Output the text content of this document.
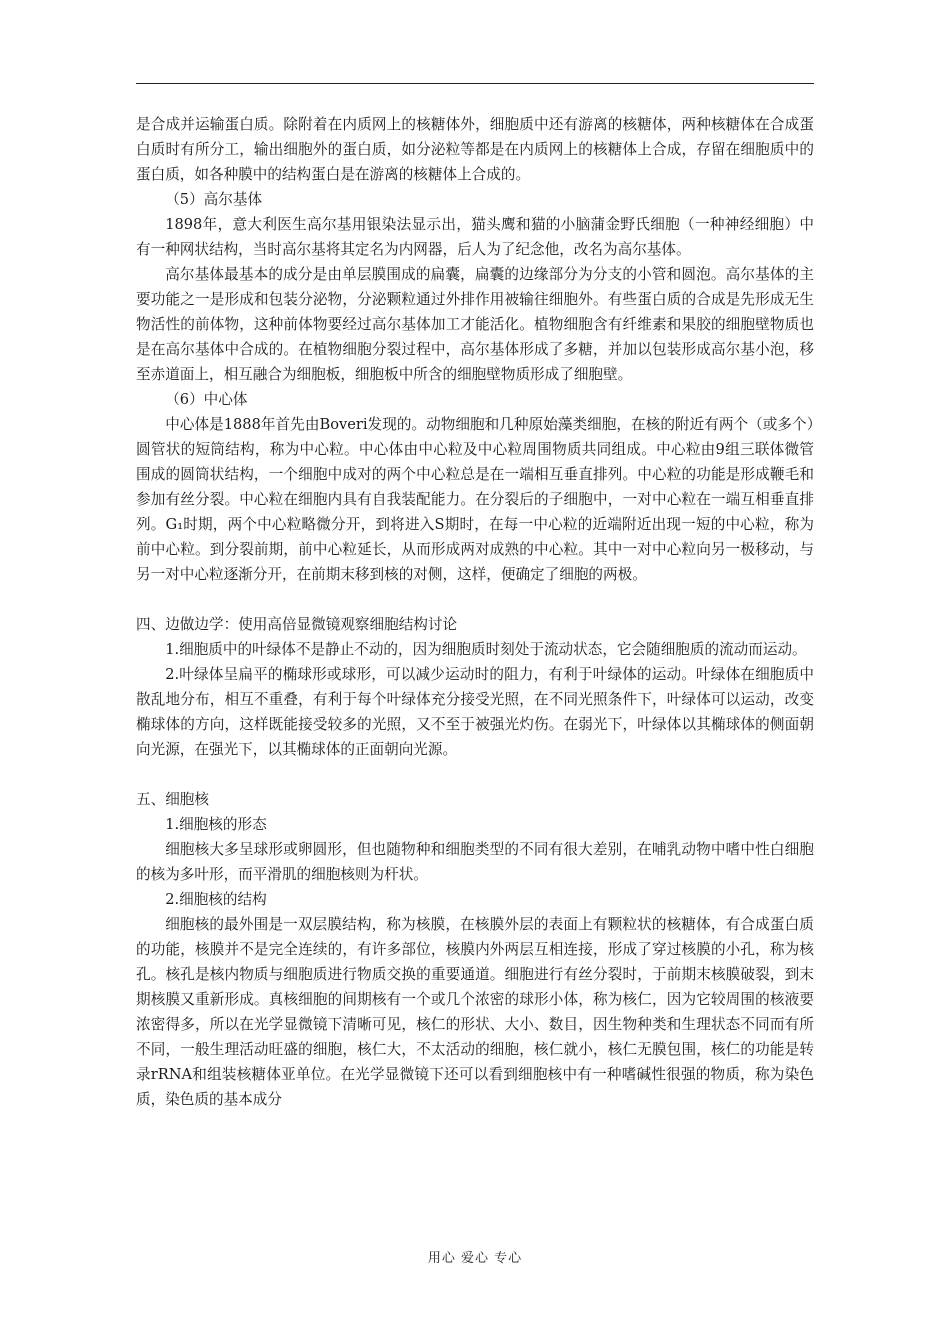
是合成并运输蛋白质。除附着在内质网上的核糖体外，细胞质中还有游离的核糖体，两种核糖体在合成蛋白质时有所分工，输出细胞外的蛋白质，如分泌粒等都是在内质网上的核糖体上合成，存留在细胞质中的蛋白质，如各种膜中的结构蛋白是在游离的核糖体上合成的。

（5）高尔基体

1898年，意大利医生高尔基用银染法显示出，猫头鹰和猫的小脑蒲金野氏细胞（一种神经细胞）中有一种网状结构，当时高尔基将其定名为内网器，后人为了纪念他，改名为高尔基体。

高尔基体最基本的成分是由单层膜围成的扁囊，扁囊的边缘部分为分支的小管和圆泡。高尔基体的主要功能之一是形成和包装分泌物，分泌颗粒通过外排作用被输往细胞外。有些蛋白质的合成是先形成无生物活性的前体物，这种前体物要经过高尔基体加工才能活化。植物细胞含有纤维素和果胶的细胞壁物质也是在高尔基体中合成的。在植物细胞分裂过程中，高尔基体形成了多糖，并加以包装形成高尔基小泡，移至赤道面上，相互融合为细胞板，细胞板中所含的细胞壁物质形成了细胞壁。

（6）中心体

中心体是1888年首先由Boveri发现的。动物细胞和几种原始藻类细胞，在核的附近有两个（或多个）圆管状的短筒结构，称为中心粒。中心体由中心粒及中心粒周围物质共同组成。中心粒由9组三联体微管围成的圆筒状结构，一个细胞中成对的两个中心粒总是在一端相互垂直排列。中心粒的功能是形成鞭毛和参加有丝分裂。中心粒在细胞内具有自我装配能力。在分裂后的子细胞中，一对中心粒在一端互相垂直排列。G₁时期，两个中心粒略微分开，到将进入S期时，在每一中心粒的近端附近出现一短的中心粒，称为前中心粒。到分裂前期，前中心粒延长，从而形成两对成熟的中心粒。其中一对中心粒向另一极移动，与另一对中心粒逐渐分开，在前期末移到核的对侧，这样，便确定了细胞的两极。

四、边做边学：使用高倍显微镜观察细胞结构讨论

1.细胞质中的叶绿体不是静止不动的，因为细胞质时刻处于流动状态，它会随细胞质的流动而运动。

2.叶绿体呈扁平的椭球形或球形，可以减少运动时的阻力，有利于叶绿体的运动。叶绿体在细胞质中散乱地分布，相互不重叠，有利于每个叶绿体充分接受光照，在不同光照条件下，叶绿体可以运动，改变椭球体的方向，这样既能接受较多的光照，又不至于被强光灼伤。在弱光下，叶绿体以其椭球体的侧面朝向光源，在强光下，以其椭球体的正面朝向光源。

五、细胞核

1.细胞核的形态

细胞核大多呈球形或卵圆形，但也随物种和细胞类型的不同有很大差别，在哺乳动物中嗜中性白细胞的核为多叶形，而平滑肌的细胞核则为杆状。

2.细胞核的结构

细胞核的最外围是一双层膜结构，称为核膜，在核膜外层的表面上有颗粒状的核糖体，有合成蛋白质的功能，核膜并不是完全连续的，有许多部位，核膜内外两层互相连接，形成了穿过核膜的小孔，称为核孔。核孔是核内物质与细胞质进行物质交换的重要通道。细胞进行有丝分裂时，于前期末核膜破裂，到末期核膜又重新形成。真核细胞的间期核有一个或几个浓密的球形小体，称为核仁，因为它较周围的核液要浓密得多，所以在光学显微镜下清晰可见，核仁的形状、大小、数目，因生物种类和生理状态不同而有所不同，一般生理活动旺盛的细胞，核仁大，不太活动的细胞，核仁就小，核仁无膜包围，核仁的功能是转录rRNA和组装核糖体亚单位。在光学显微镜下还可以看到细胞核中有一种嗜碱性很强的物质，称为染色质，染色质的基本成分

用心 爱心 专心
